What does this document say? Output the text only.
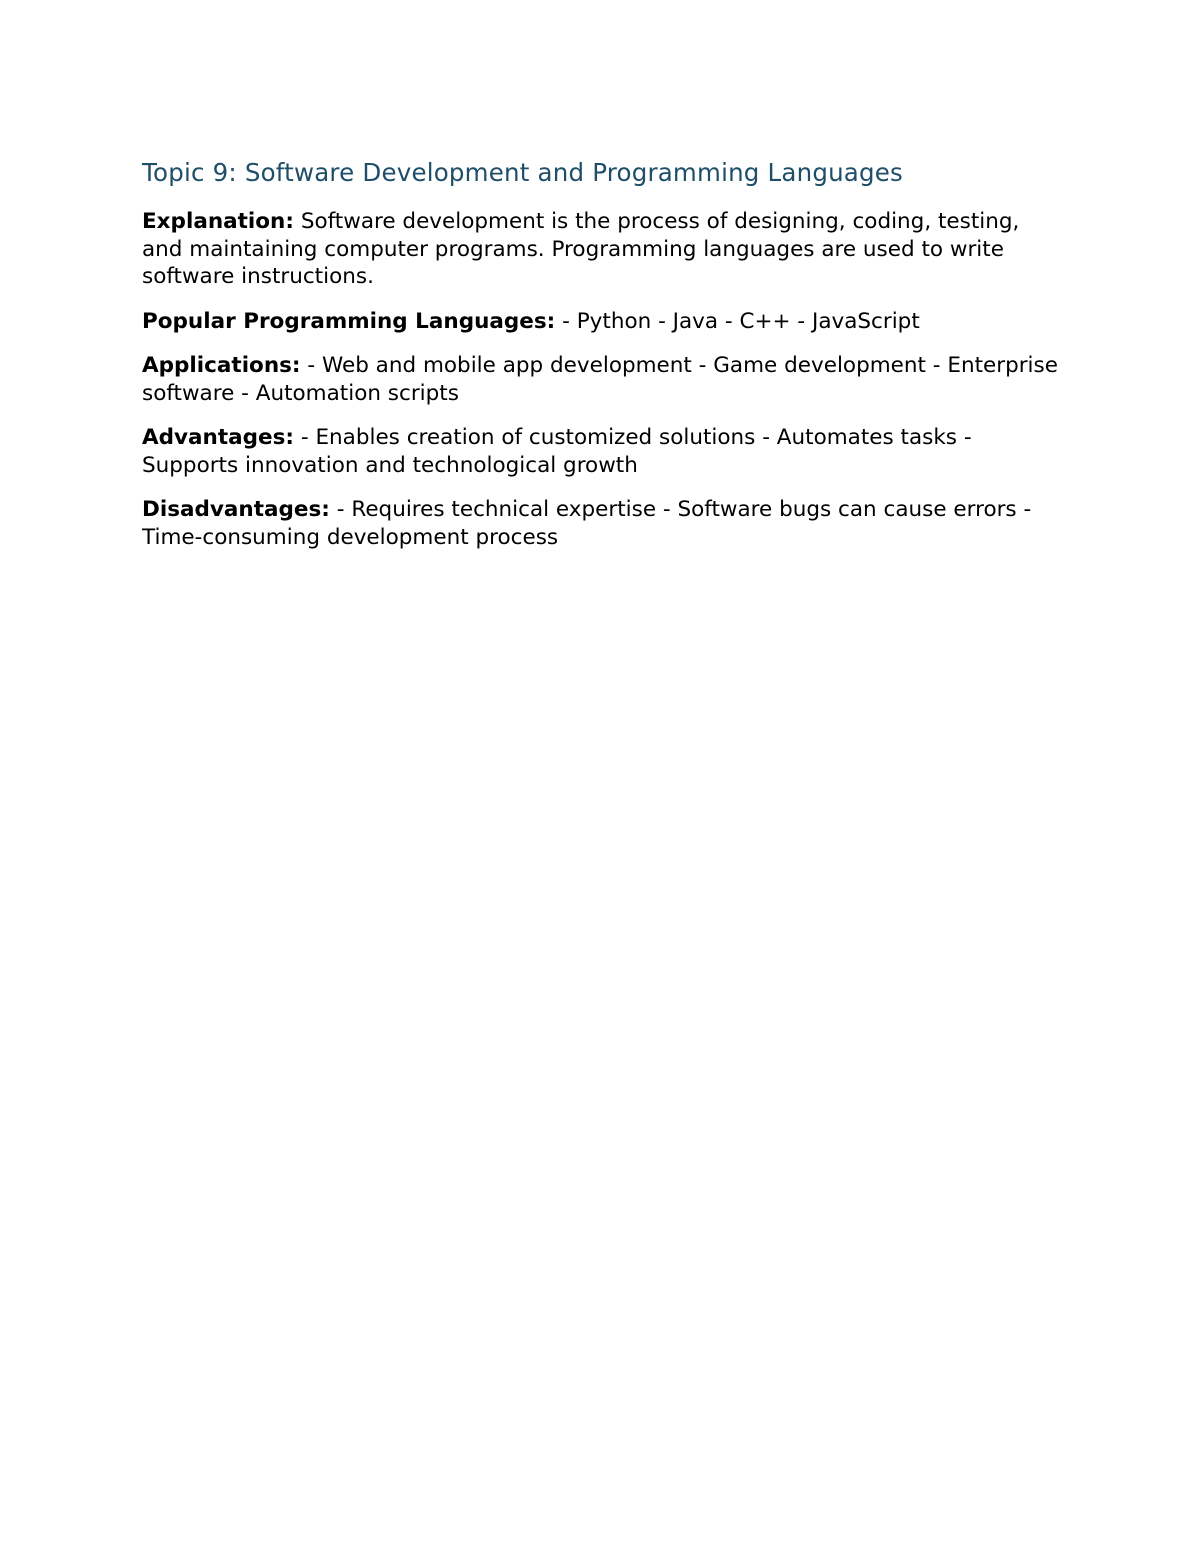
Topic 9: Software Development and Programming Languages

Explanation: Software development is the process of designing, coding, testing, and maintaining computer programs. Programming languages are used to write software instructions.

Popular Programming Languages: - Python - Java - C++ - JavaScript

Applications: - Web and mobile app development - Game development - Enterprise software - Automation scripts

Advantages: - Enables creation of customized solutions - Automates tasks - Supports innovation and technological growth

Disadvantages: - Requires technical expertise - Software bugs can cause errors - Time-consuming development process
